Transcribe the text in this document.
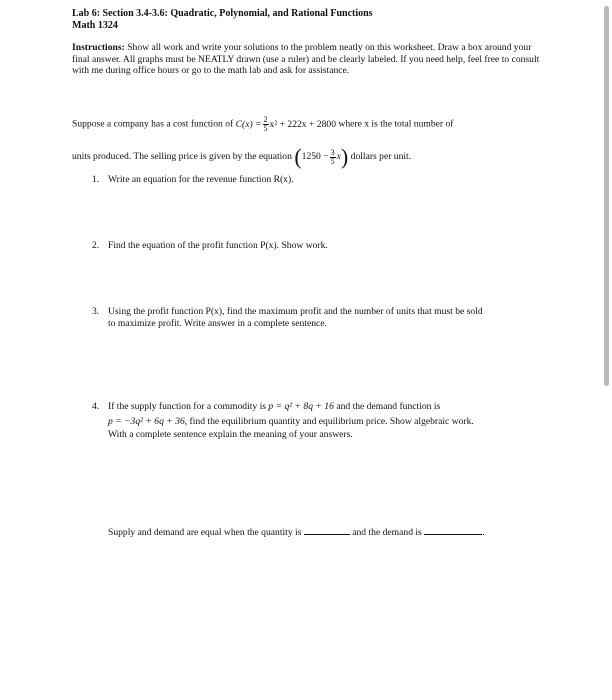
Lab 6: Section 3.4-3.6: Quadratic, Polynomial, and Rational Functions
Math 1324
Instructions: Show all work and write your solutions to the problem neatly on this worksheet. Draw a box around your final answer. All graphs must be NEATLY drawn (use a ruler) and be clearly labeled. If you need help, feel free to consult with me during office hours or go to the math lab and ask for assistance.
Suppose a company has a cost function of $C(x) = \frac{2}{5} x^2 + 222x + 2800$ where x is the total number of
units produced. The selling price is given by the equation $(1250 - \frac{3}{5} x)$ dollars per unit.
1. Write an equation for the revenue function R(x).
2. Find the equation of the profit function P(x). Show work.
3. Using the profit function P(x), find the maximum profit and the number of units that must be sold
to maximize profit. Write answer in a complete sentence.
4. If the supply function for a commodity is p = q² + 8q + 16 and the demand function is
p = −3q² + 6q + 36, find the equilibrium quantity and equilibrium price. Show algebraic work.
With a complete sentence explain the meaning of your answers.
Supply and demand are equal when the quantity is	and the demand is	.
